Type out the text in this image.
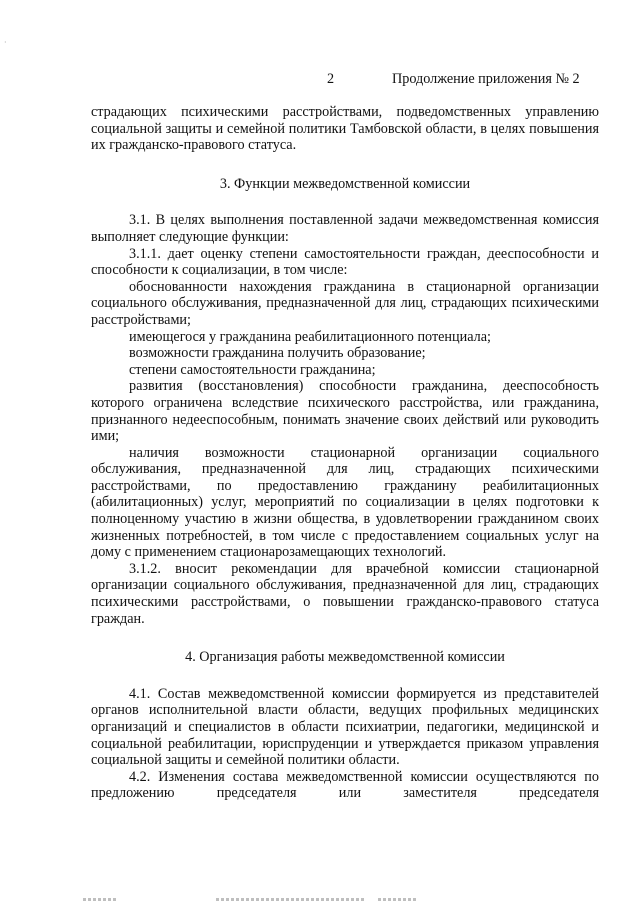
·
2	Продолжение приложения № 2

страдающих психическими расстройствами, подведомственных управлению социальной защиты и семейной политики Тамбовской области, в целях повышения их гражданско-правового статуса.

3. Функции межведомственной комиссии

3.1. В целях выполнения поставленной задачи межведомственная комиссия выполняет следующие функции:

3.1.1. дает оценку степени самостоятельности граждан, дееспособности и способности к социализации, в том числе:

обоснованности нахождения гражданина в стационарной организации социального обслуживания, предназначенной для лиц, страдающих психическими расстройствами;

имеющегося у гражданина реабилитационного потенциала;

возможности гражданина получить образование;

степени самостоятельности гражданина;

развития (восстановления) способности гражданина, дееспособность которого ограничена вследствие психического расстройства, или гражданина, признанного недееспособным, понимать значение своих действий или руководить ими;

наличия возможности стационарной организации социального обслуживания, предназначенной для лиц, страдающих психическими расстройствами, по предоставлению гражданину реабилитационных (абилитационных) услуг, мероприятий по социализации в целях подготовки к полноценному участию в жизни общества, в удовлетворении гражданином своих жизненных потребностей, в том числе с предоставлением социальных услуг на дому с применением стационарозамещающих технологий.

3.1.2. вносит рекомендации для врачебной комиссии стационарной организации социального обслуживания, предназначенной для лиц, страдающих психическими расстройствами, о повышении гражданско-правового статуса граждан.

4. Организация работы межведомственной комиссии

4.1. Состав межведомственной комиссии формируется из представителей органов исполнительной власти области, ведущих профильных медицинских организаций и специалистов в области психиатрии, педагогики, медицинской и социальной реабилитации, юриспруденции и утверждается приказом управления социальной защиты и семейной политики области.

4.2. Изменения состава межведомственной комиссии осуществляются по предложению председателя или заместителя председателя
